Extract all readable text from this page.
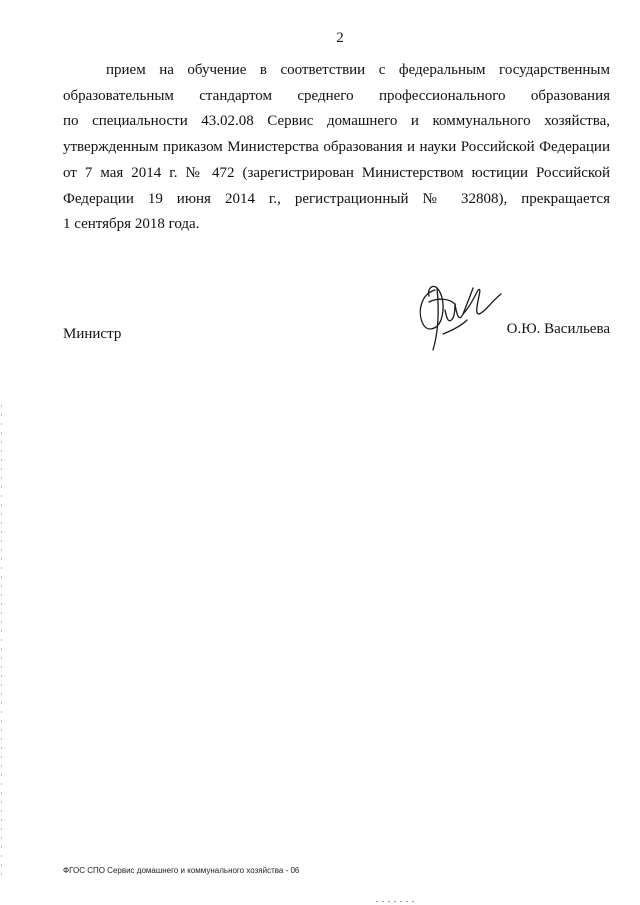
2
прием на обучение в соответствии с федеральным государственным
образовательным стандартом среднего профессионального образования
по специальности 43.02.08 Сервис домашнего и коммунального хозяйства,
утвержденным приказом Министерства образования и науки Российской Федерации
от 7 мая 2014 г. № 472 (зарегистрирован Министерством юстиции Российской
Федерации 19 июня 2014 г., регистрационный № 32808), прекращается
1 сентября 2018 года.
Министр	О.Ю. Васильева
ФГОС СПО Сервис домашнего и коммунального хозяйства - 06
